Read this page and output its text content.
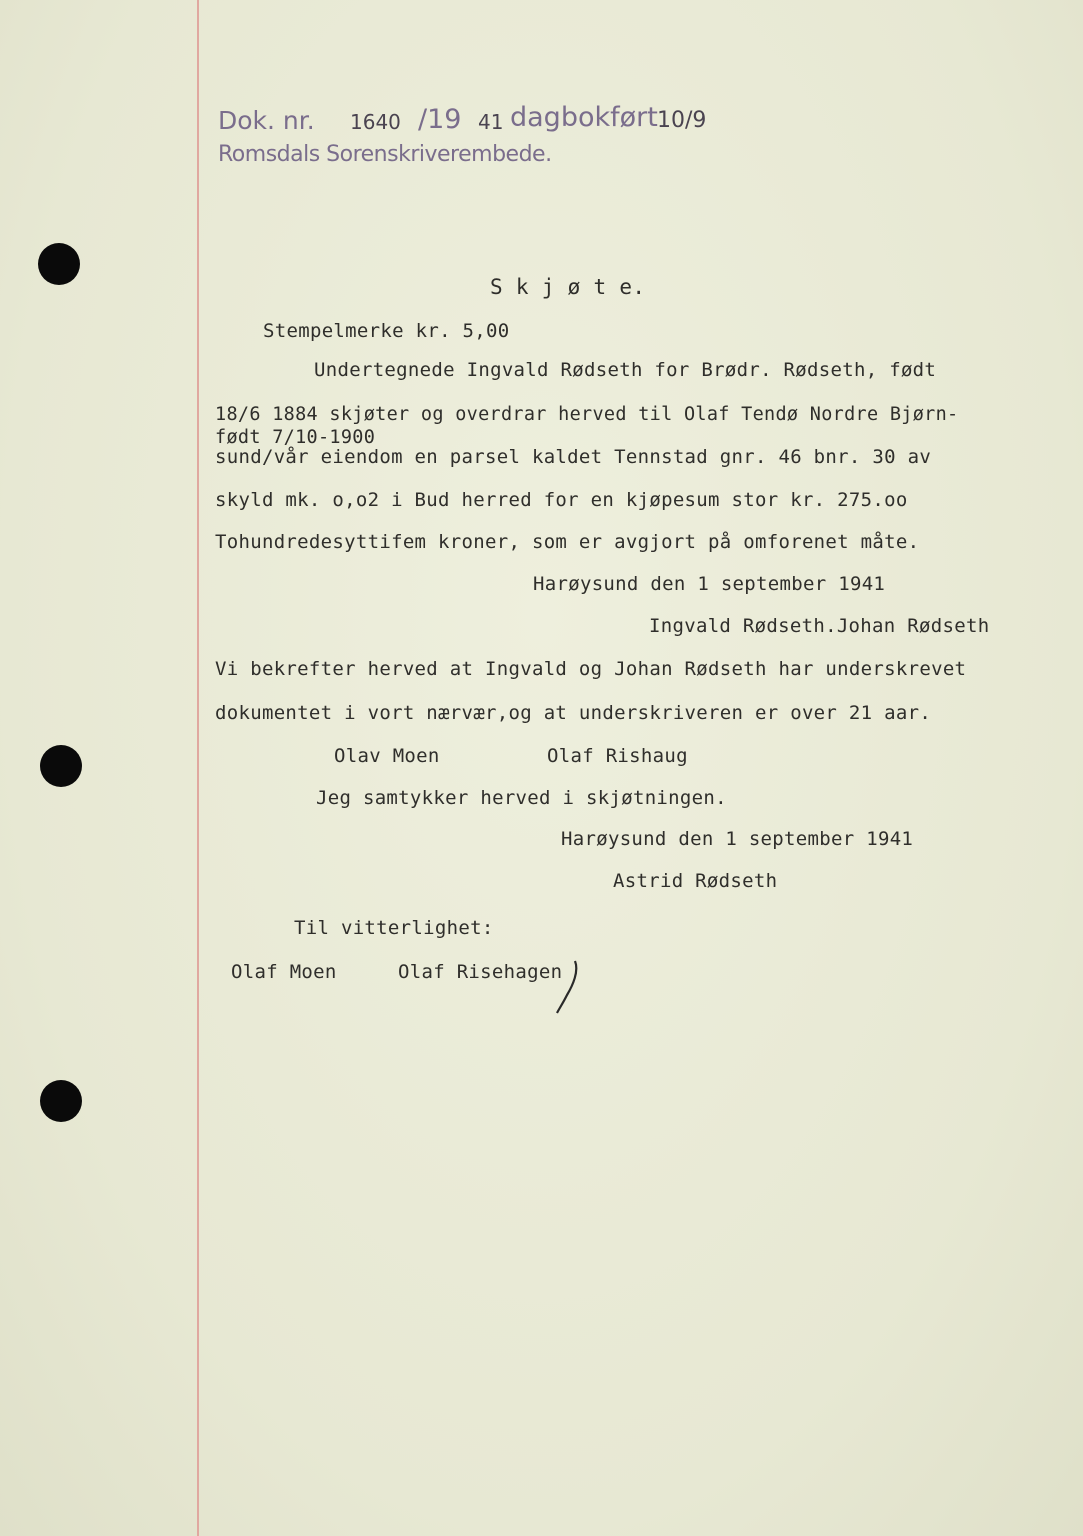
Dok. nr. 1640 /19 41 dagbokført 10/9
Romsdals Sorenskriverembede.
S k j ø t e.
Stempelmerke kr. 5,00
Undertegnede Ingvald Rødseth for Brødr. Rødseth, født
18/6 1884 skjøter og overdrar herved til Olaf Tendø Nordre Bjørn-
født 7/10-1900
sund/vår eiendom en parsel kaldet Tennstad gnr. 46 bnr. 30 av
skyld mk. o,o2 i Bud herred for en kjøpesum stor kr. 275.oo
Tohundredesyttifem kroner, som er avgjort på omforenet måte.
Harøysund den 1 september 1941
Ingvald Rødseth.Johan Rødseth
Vi bekrefter herved at Ingvald og Johan Rødseth har underskrevet
dokumentet i vort nærvær,og at underskriveren er over 21 aar.
Olav Moen	Olaf Rishaug
Jeg samtykker herved i skjøtningen.
Harøysund den 1 september 1941
Astrid Rødseth
Til vitterlighet:
Olaf Moen	Olaf Risehagen
